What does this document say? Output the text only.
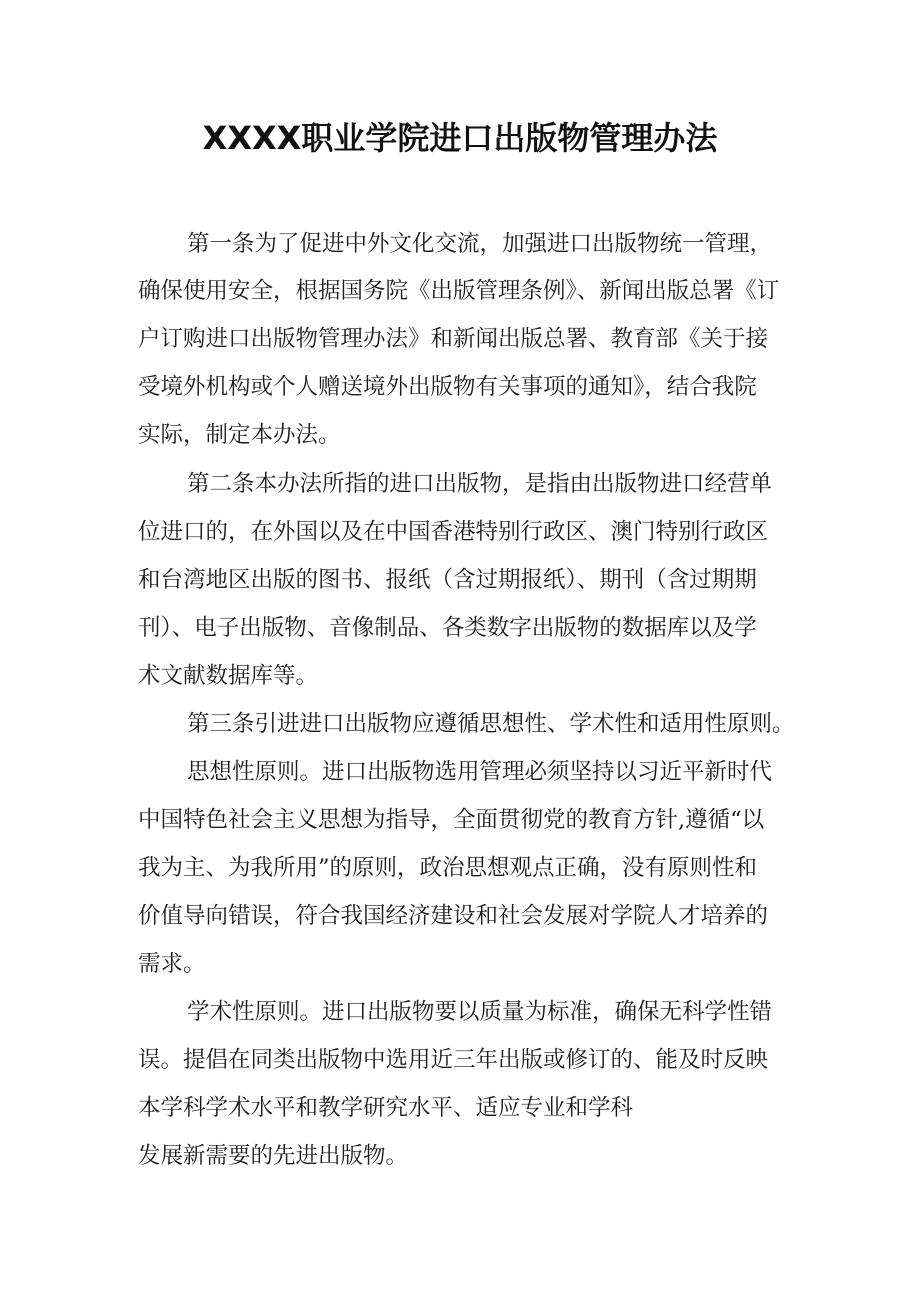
XXXX职业学院进口出版物管理办法

第一条为了促进中外文化交流，加强进口出版物统一管理，

确保使用安全，根据国务院《出版管理条例》、新闻出版总署《订

户订购进口出版物管理办法》和新闻出版总署、教育部《关于接

受境外机构或个人赠送境外出版物有关事项的通知》，结合我院

实际，制定本办法。

第二条本办法所指的进口出版物，是指由出版物进口经营单

位进口的，在外国以及在中国香港特别行政区、澳门特别行政区

和台湾地区出版的图书、报纸（含过期报纸）、期刊（含过期期

刊）、电子出版物、音像制品、各类数字出版物的数据库以及学

术文献数据库等。

第三条引进进口出版物应遵循思想性、学术性和适用性原则。

思想性原则。进口出版物选用管理必须坚持以习近平新时代

中国特色社会主义思想为指导，全面贯彻党的教育方针,遵循“以

我为主、为我所用”的原则，政治思想观点正确，没有原则性和

价值导向错误，符合我国经济建设和社会发展对学院人才培养的

需求。

学术性原则。进口出版物要以质量为标准，确保无科学性错

误。提倡在同类出版物中选用近三年出版或修订的、能及时反映

本学科学术水平和教学研究水平、适应专业和学科

发展新需要的先进出版物。
